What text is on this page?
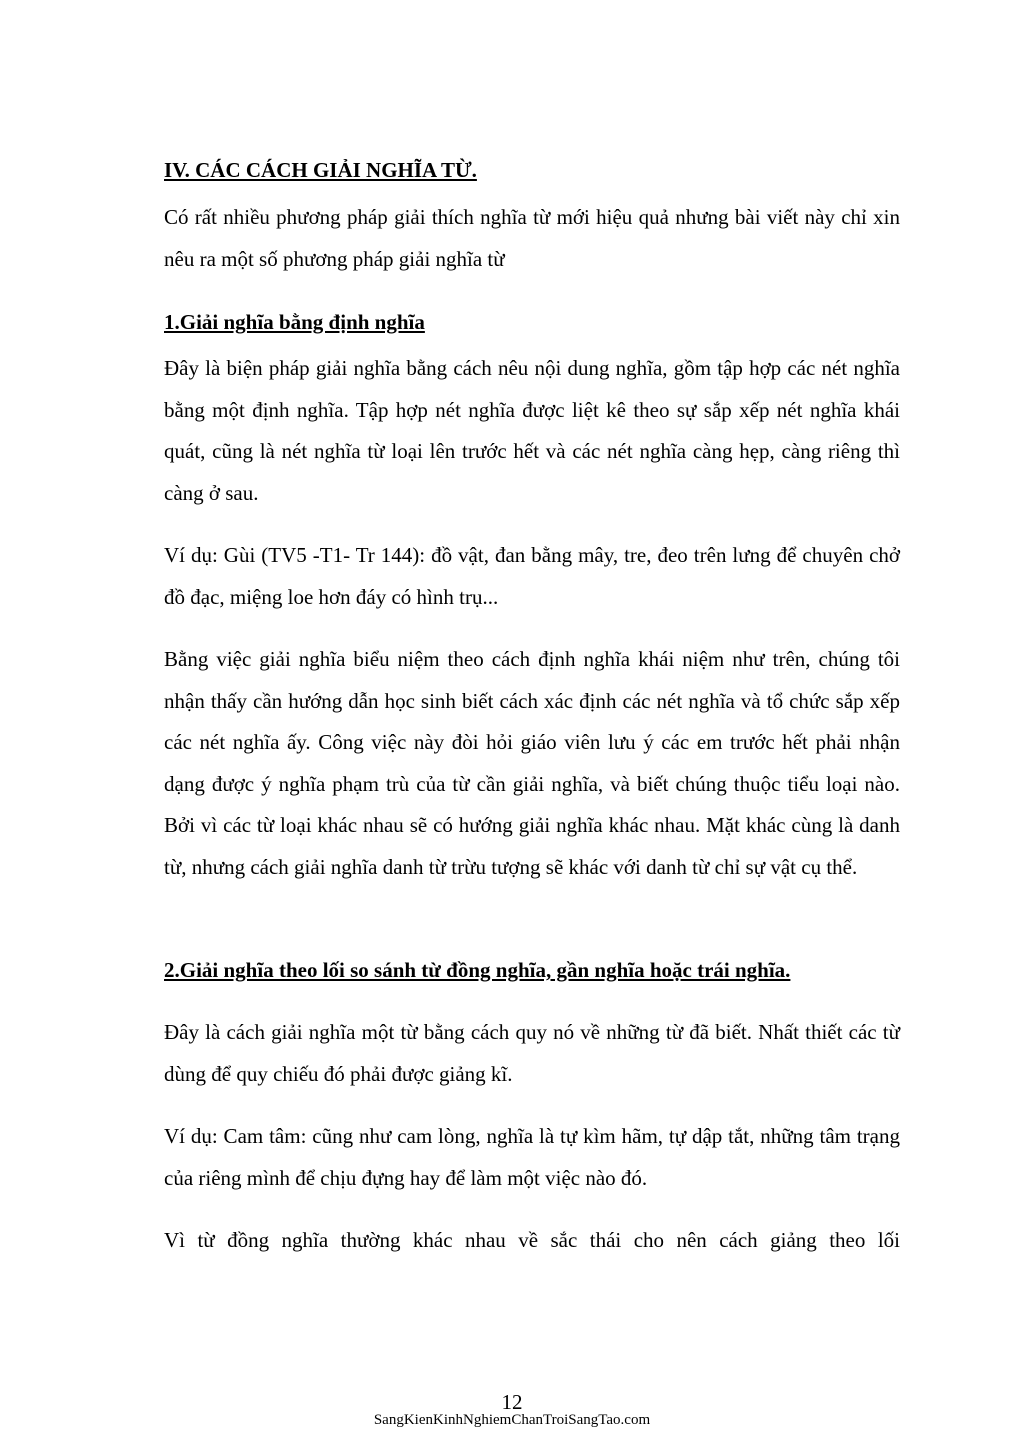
IV. CÁC CÁCH GIẢI NGHĨA TỪ.

Có rất nhiều phương pháp giải thích nghĩa từ mới hiệu quả nhưng bài viết này chỉ xin nêu ra một số phương pháp giải nghĩa từ

1.Giải nghĩa bằng định nghĩa

Đây là biện pháp giải nghĩa bằng cách nêu nội dung nghĩa, gồm tập hợp các nét nghĩa bằng một định nghĩa. Tập hợp nét nghĩa được liệt kê theo sự sắp xếp nét nghĩa khái quát, cũng là nét nghĩa từ loại lên trước hết và các nét nghĩa càng hẹp, càng riêng thì càng ở sau.

Ví dụ: Gùi (TV5 -T1- Tr 144): đồ vật, đan bằng mây, tre, đeo trên lưng để chuyên chở đồ đạc, miệng loe hơn đáy có hình trụ...

Bằng việc giải nghĩa biểu niệm theo cách định nghĩa khái niệm như trên, chúng tôi nhận thấy cần hướng dẫn học sinh biết cách xác định các nét nghĩa và tổ chức sắp xếp các nét nghĩa ấy. Công việc này đòi hỏi giáo viên lưu ý các em trước hết phải nhận dạng được ý nghĩa phạm trù của từ cần giải nghĩa, và biết chúng thuộc tiểu loại nào. Bởi vì các từ loại khác nhau sẽ có hướng giải nghĩa khác nhau. Mặt khác cùng là danh từ, nhưng cách giải nghĩa danh từ trừu tượng sẽ khác với danh từ chỉ sự vật cụ thể.

2.Giải nghĩa theo lối so sánh từ đồng nghĩa, gần nghĩa hoặc trái nghĩa.

Đây là cách giải nghĩa một từ bằng cách quy nó về những từ đã biết. Nhất thiết các từ dùng để quy chiếu đó phải được giảng kĩ.

Ví dụ: Cam tâm: cũng như cam lòng, nghĩa là tự kìm hãm, tự dập tắt, những tâm trạng của riêng mình để chịu đựng hay để làm một việc nào đó.

Vì từ đồng nghĩa thường khác nhau về sắc thái cho nên cách giảng theo lối

12

SangKienKinhNghiemChanTroiSangTao.com
